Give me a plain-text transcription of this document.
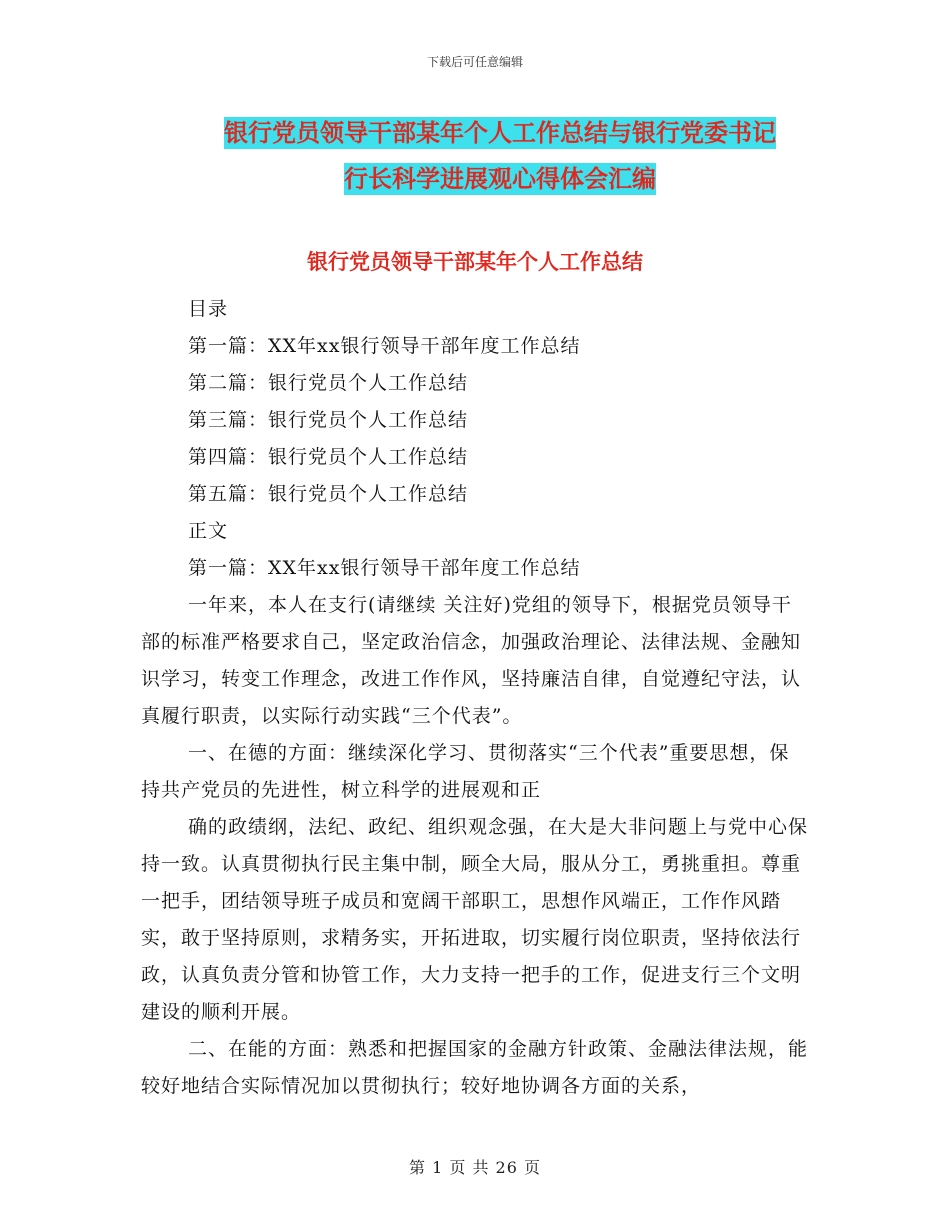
下载后可任意编辑
银行党员领导干部某年个人工作总结与银行党委书记
行长科学进展观心得体会汇编
银行党员领导干部某年个人工作总结

目录

第一篇：XX年xx银行领导干部年度工作总结

第二篇：银行党员个人工作总结

第三篇：银行党员个人工作总结

第四篇：银行党员个人工作总结

第五篇：银行党员个人工作总结

正文

第一篇：XX年xx银行领导干部年度工作总结

一年来，本人在支行(请继续 关注好)党组的领导下，根据党员领导干部的标准严格要求自己，坚定政治信念，加强政治理论、法律法规、金融知识学习，转变工作理念，改进工作作风，坚持廉洁自律，自觉遵纪守法，认真履行职责，以实际行动实践“三个代表”。

一、在德的方面：继续深化学习、贯彻落实“三个代表”重要思想，保持共产党员的先进性，树立科学的进展观和正

确的政绩纲，法纪、政纪、组织观念强，在大是大非问题上与党中心保持一致。认真贯彻执行民主集中制，顾全大局，服从分工，勇挑重担。尊重一把手，团结领导班子成员和宽阔干部职工，思想作风端正，工作作风踏实，敢于坚持原则，求精务实，开拓进取，切实履行岗位职责，坚持依法行政，认真负责分管和协管工作，大力支持一把手的工作，促进支行三个文明建设的顺利开展。

二、在能的方面：熟悉和把握国家的金融方针政策、金融法律法规，能较好地结合实际情况加以贯彻执行；较好地协调各方面的关系，

第 1 页 共 26 页
